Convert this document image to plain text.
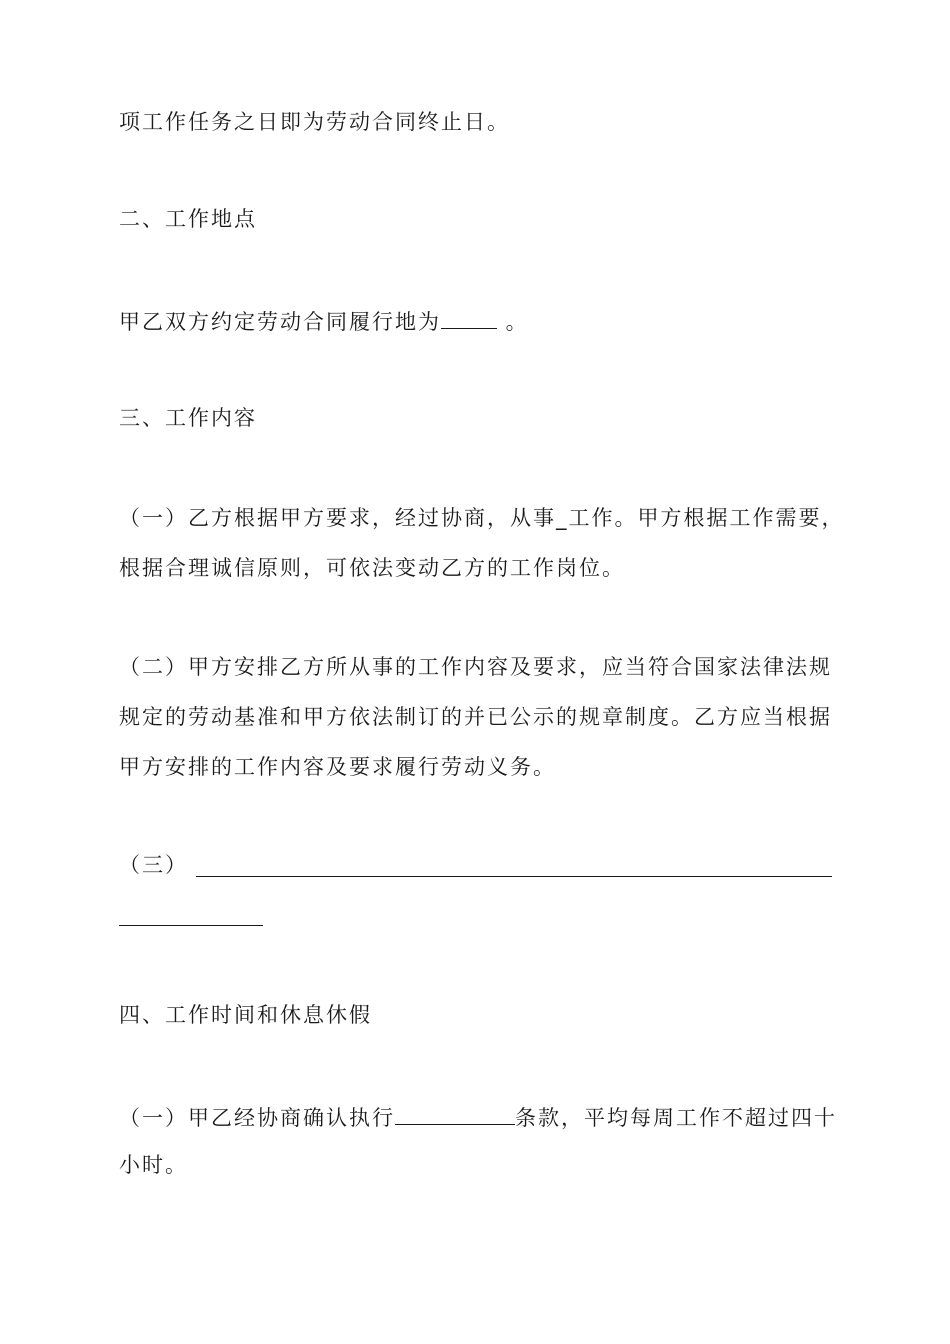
项工作任务之日即为劳动合同终止日。
二、工作地点
甲乙双方约定劳动合同履行地为	。
三、工作内容
（一）乙方根据甲方要求，经过协商，从事_工作。甲方根据工作需要，
根据合理诚信原则，可依法变动乙方的工作岗位。
（二）甲方安排乙方所从事的工作内容及要求，应当符合国家法律法规
规定的劳动基准和甲方依法制订的并已公示的规章制度。乙方应当根据
甲方安排的工作内容及要求履行劳动义务。
（三）
四、工作时间和休息休假
（一）甲乙经协商确认执行	条款，平均每周工作不超过四十
小时。
